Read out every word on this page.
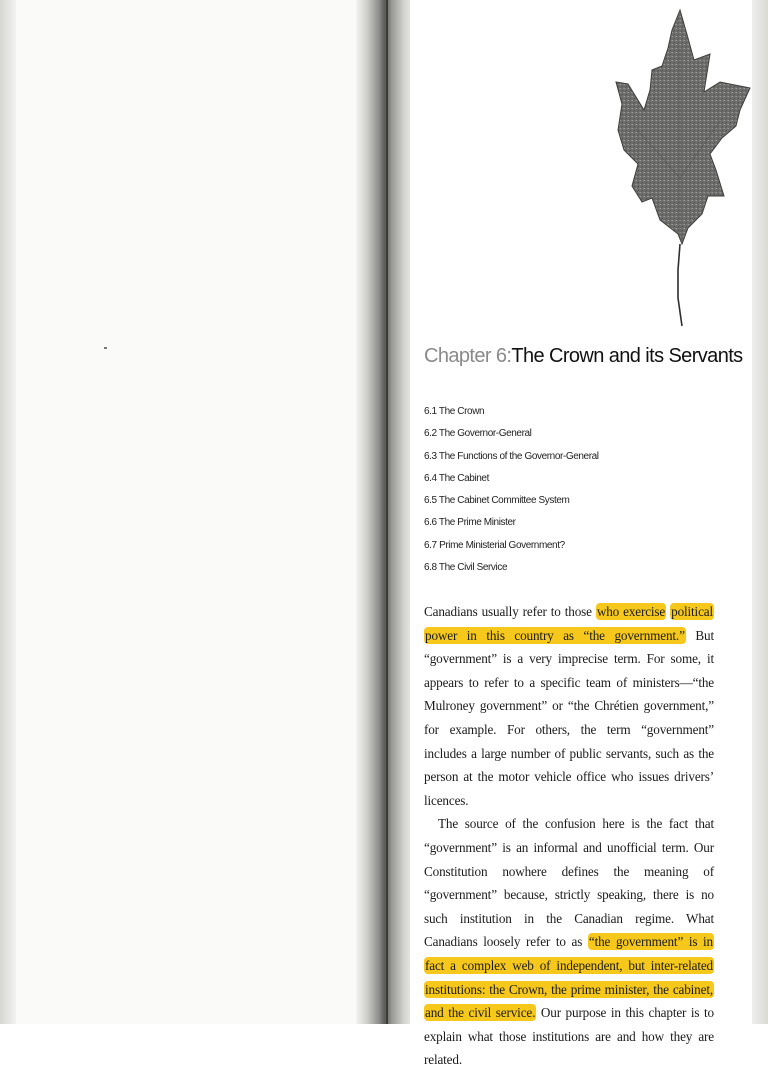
Chapter 6:The Crown and its Servants
6.1 The Crown
6.2 The Governor-General
6.3 The Functions of the Governor-General
6.4 The Cabinet
6.5 The Cabinet Committee System
6.6 The Prime Minister
6.7 Prime Ministerial Government?
6.8 The Civil Service

Canadians usually refer to those who exercise political power in this country as “the government.” But “government” is a very imprecise term. For some, it appears to refer to a specific team of ministers—“the Mulroney government” or “the Chrétien government,” for example. For others, the term “government” includes a large number of public servants, such as the person at the motor vehicle office who issues drivers’ licences.

The source of the confusion here is the fact that “government” is an informal and unofficial term. Our Constitution nowhere defines the meaning of “government” because, strictly speaking, there is no such institution in the Canadian regime. What Canadians loosely refer to as “the government” is in fact a complex web of independent, but inter-related institutions: the Crown, the prime minister, the cabinet, and the civil service. Our purpose in this chapter is to explain what those institutions are and how they are related.
